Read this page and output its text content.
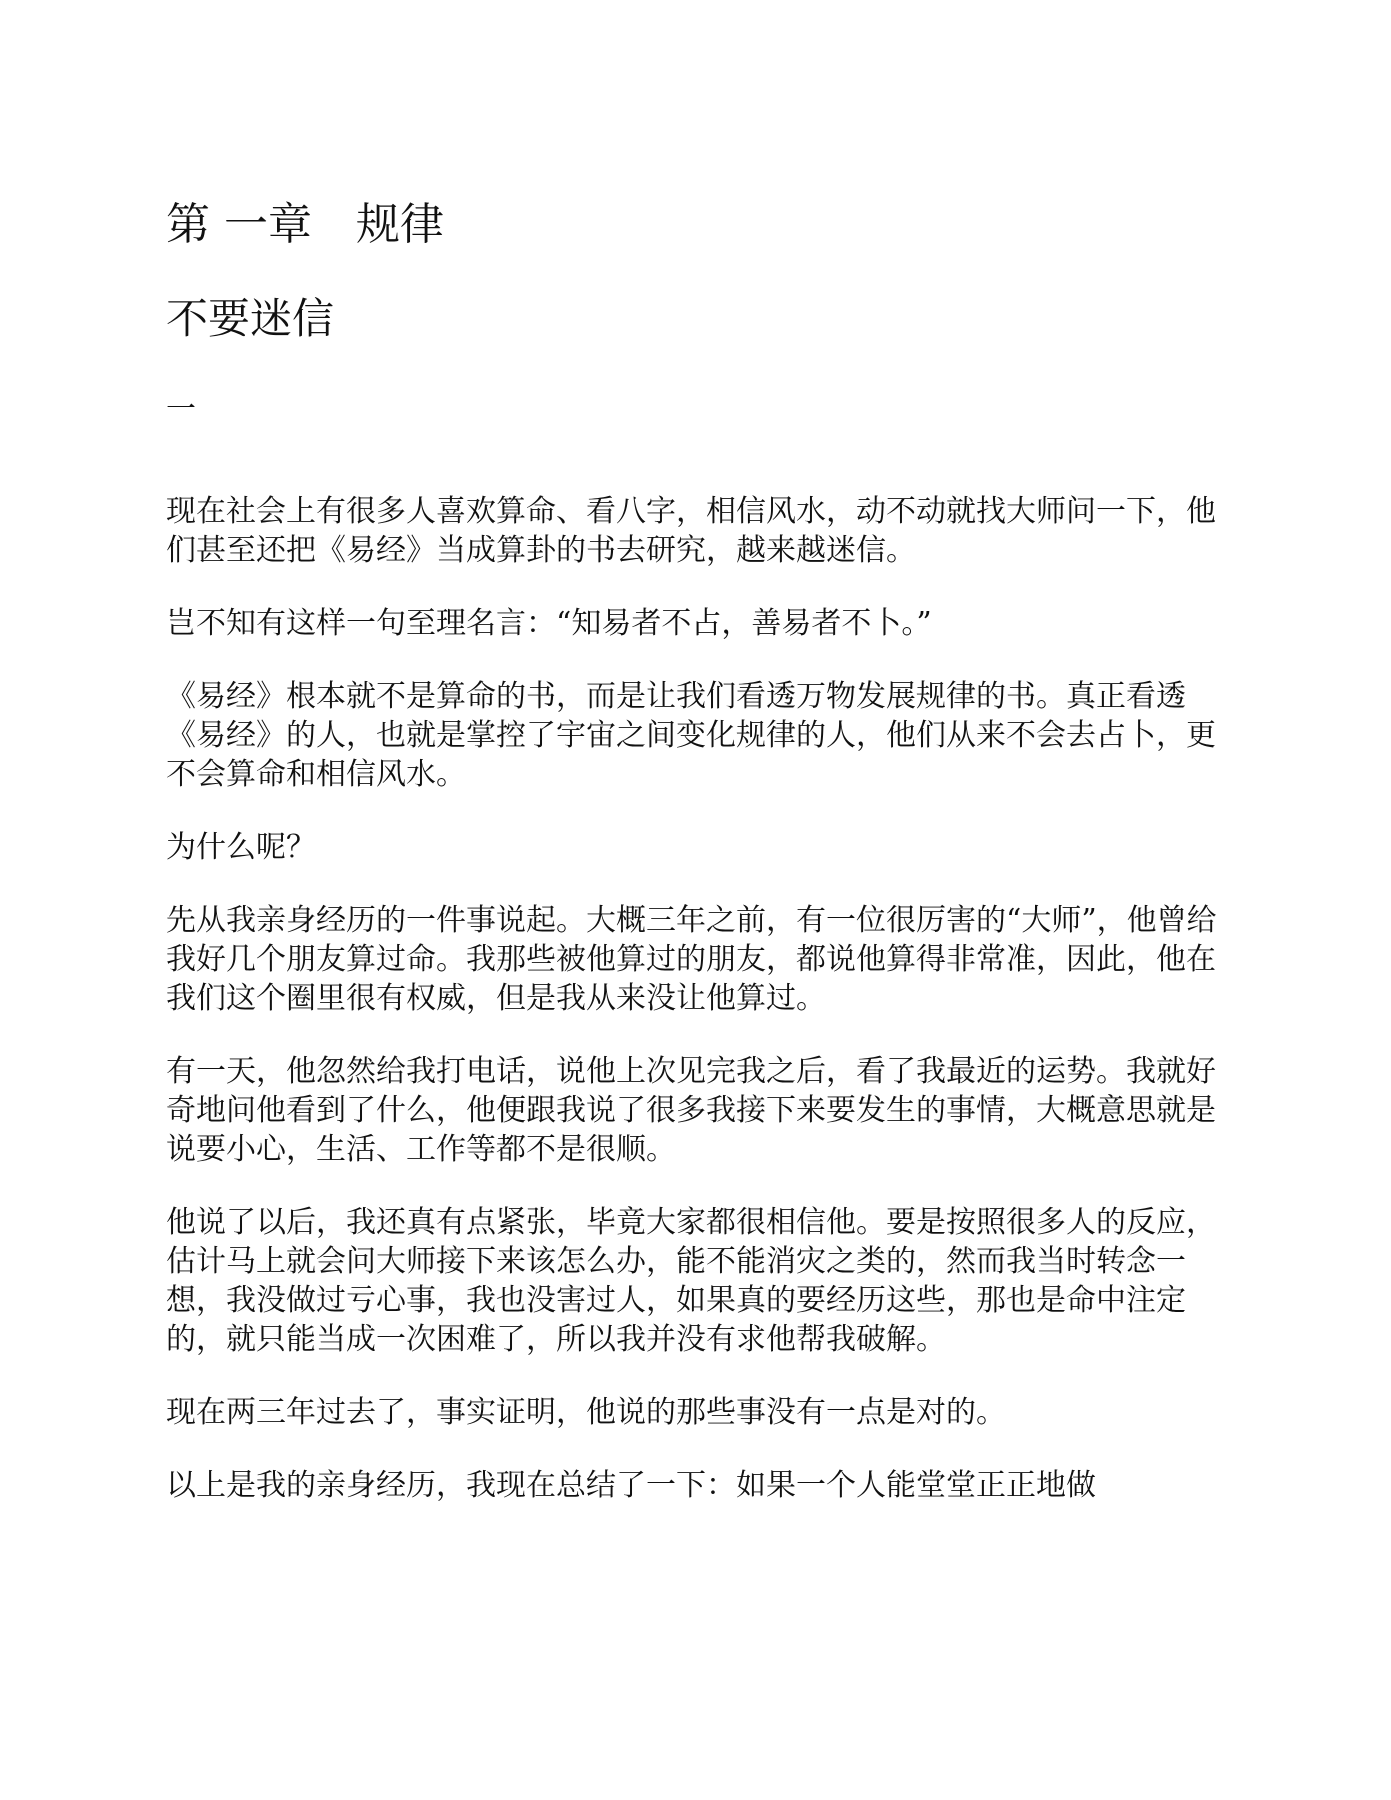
第 一章　规律
不要迷信
一

现在社会上有很多人喜欢算命、看八字，相信风水，动不动就找大师问一下，他们甚至还把《易经》当成算卦的书去研究，越来越迷信。

岂不知有这样一句至理名言：“知易者不占，善易者不卜。”

《易经》根本就不是算命的书，而是让我们看透万物发展规律的书。真正看透《易经》的人，也就是掌控了宇宙之间变化规律的人，他们从来不会去占卜，更不会算命和相信风水。

为什么呢？

先从我亲身经历的一件事说起。大概三年之前，有一位很厉害的“大师”，他曾给我好几个朋友算过命。我那些被他算过的朋友，都说他算得非常准，因此，他在我们这个圈里很有权威，但是我从来没让他算过。

有一天，他忽然给我打电话，说他上次见完我之后，看了我最近的运势。我就好奇地问他看到了什么，他便跟我说了很多我接下来要发生的事情，大概意思就是说要小心，生活、工作等都不是很顺。

他说了以后，我还真有点紧张，毕竟大家都很相信他。要是按照很多人的反应，估计马上就会问大师接下来该怎么办，能不能消灾之类的，然而我当时转念一想，我没做过亏心事，我也没害过人，如果真的要经历这些，那也是命中注定的，就只能当成一次困难了，所以我并没有求他帮我破解。

现在两三年过去了，事实证明，他说的那些事没有一点是对的。

以上是我的亲身经历，我现在总结了一下：如果一个人能堂堂正正地做
